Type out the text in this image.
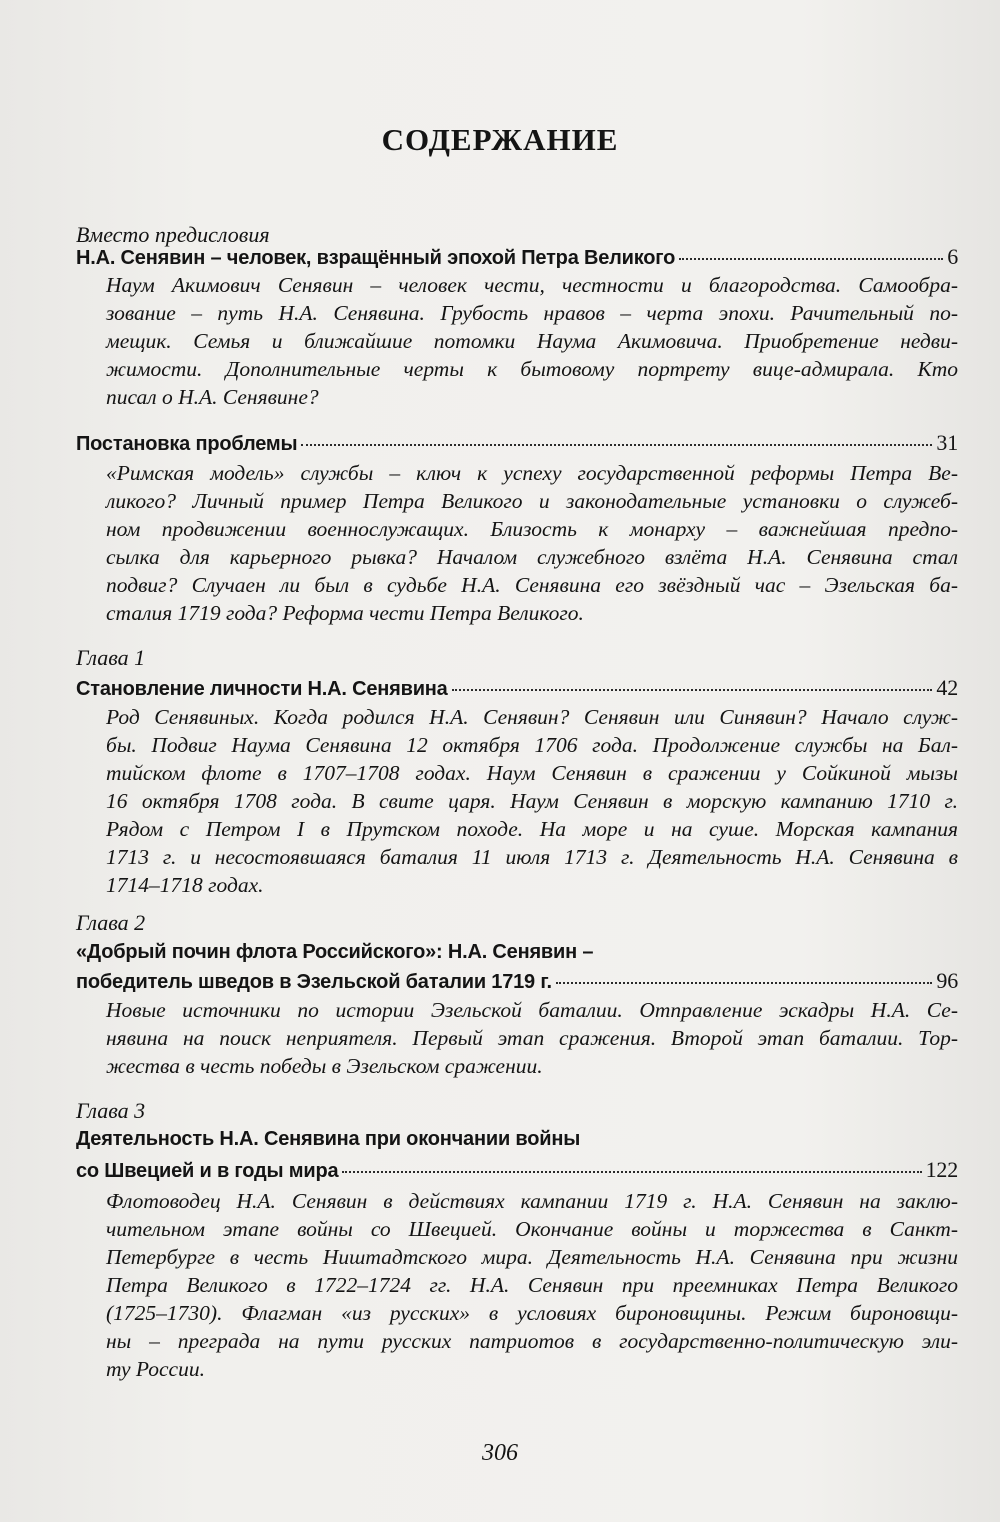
СОДЕРЖАНИЕ
Вместо предисловия
Н.А. Сенявин – человек, взращённый эпохой Петра Великого	6
Наум Акимович Сенявин – человек чести, честности и благородства. Самообра-
зование – путь Н.А. Сенявина. Грубость нравов – черта эпохи. Рачительный по-
мещик. Семья и ближайшие потомки Наума Акимовича. Приобретение недви-
жимости. Дополнительные черты к бытовому портрету вице-адмирала. Кто
писал о Н.А. Сенявине?
Постановка проблемы	31
«Римская модель» службы – ключ к успеху государственной реформы Петра Ве-
ликого? Личный пример Петра Великого и законодательные установки о служеб-
ном продвижении военнослужащих. Близость к монарху – важнейшая предпо-
сылка для карьерного рывка? Началом служебного взлёта Н.А. Сенявина стал
подвиг? Случаен ли был в судьбе Н.А. Сенявина его звёздный час – Эзельская ба-
сталия 1719 года? Реформа чести Петра Великого.
Глава 1
Становление личности Н.А. Сенявина	42
Род Сенявиных. Когда родился Н.А. Сенявин? Сенявин или Синявин? Начало служ-
бы. Подвиг Наума Сенявина 12 октября 1706 года. Продолжение службы на Бал-
тийском флоте в 1707–1708 годах. Наум Сенявин в сражении у Сойкиной мызы
16 октября 1708 года. В свите царя. Наум Сенявин в морскую кампанию 1710 г.
Рядом с Петром I в Прутском походе. На море и на суше. Морская кампания
1713 г. и несостоявшаяся баталия 11 июля 1713 г. Деятельность Н.А. Сенявина в
1714–1718 годах.
Глава 2
«Добрый почин флота Российского»: Н.А. Сенявин –
победитель шведов в Эзельской баталии 1719 г.	96
Новые источники по истории Эзельской баталии. Отправление эскадры Н.А. Се-
нявина на поиск неприятеля. Первый этап сражения. Второй этап баталии. Тор-
жества в честь победы в Эзельском сражении.
Глава 3
Деятельность Н.А. Сенявина при окончании войны
со Швецией и в годы мира	122
Флотоводец Н.А. Сенявин в действиях кампании 1719 г. Н.А. Сенявин на заклю-
чительном этапе войны со Швецией. Окончание войны и торжества в Санкт-
Петербурге в честь Ништадтского мира. Деятельность Н.А. Сенявина при жизни
Петра Великого в 1722–1724 гг. Н.А. Сенявин при преемниках Петра Великого
(1725–1730). Флагман «из русских» в условиях бироновщины. Режим бироновщи-
ны – преграда на пути русских патриотов в государственно-политическую эли-
ту России.
306
